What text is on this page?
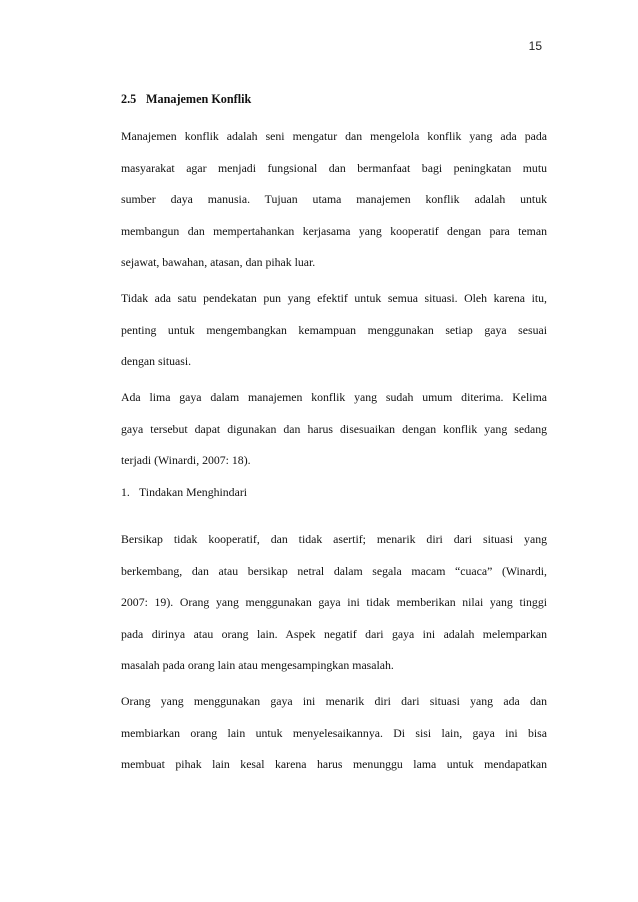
15
2.5 Manajemen Konflik
Manajemen konflik adalah seni mengatur dan mengelola konflik yang ada pada
masyarakat agar menjadi fungsional dan bermanfaat bagi peningkatan mutu
sumber daya manusia. Tujuan utama manajemen konflik adalah untuk
membangun dan mempertahankan kerjasama yang kooperatif dengan para teman
sejawat, bawahan, atasan, dan pihak luar.
Tidak ada satu pendekatan pun yang efektif untuk semua situasi. Oleh karena itu,
penting untuk mengembangkan kemampuan menggunakan setiap gaya sesuai
dengan situasi.
Ada lima gaya dalam manajemen konflik yang sudah umum diterima. Kelima
gaya tersebut dapat digunakan dan harus disesuaikan dengan konflik yang sedang
terjadi (Winardi, 2007: 18).
1. Tindakan Menghindari
Bersikap tidak kooperatif, dan tidak asertif; menarik diri dari situasi yang
berkembang, dan atau bersikap netral dalam segala macam “cuaca” (Winardi,
2007: 19). Orang yang menggunakan gaya ini tidak memberikan nilai yang tinggi
pada dirinya atau orang lain. Aspek negatif dari gaya ini adalah melemparkan
masalah pada orang lain atau mengesampingkan masalah.
Orang yang menggunakan gaya ini menarik diri dari situasi yang ada dan
membiarkan orang lain untuk menyelesaikannya. Di sisi lain, gaya ini bisa
membuat pihak lain kesal karena harus menunggu lama untuk mendapatkan
